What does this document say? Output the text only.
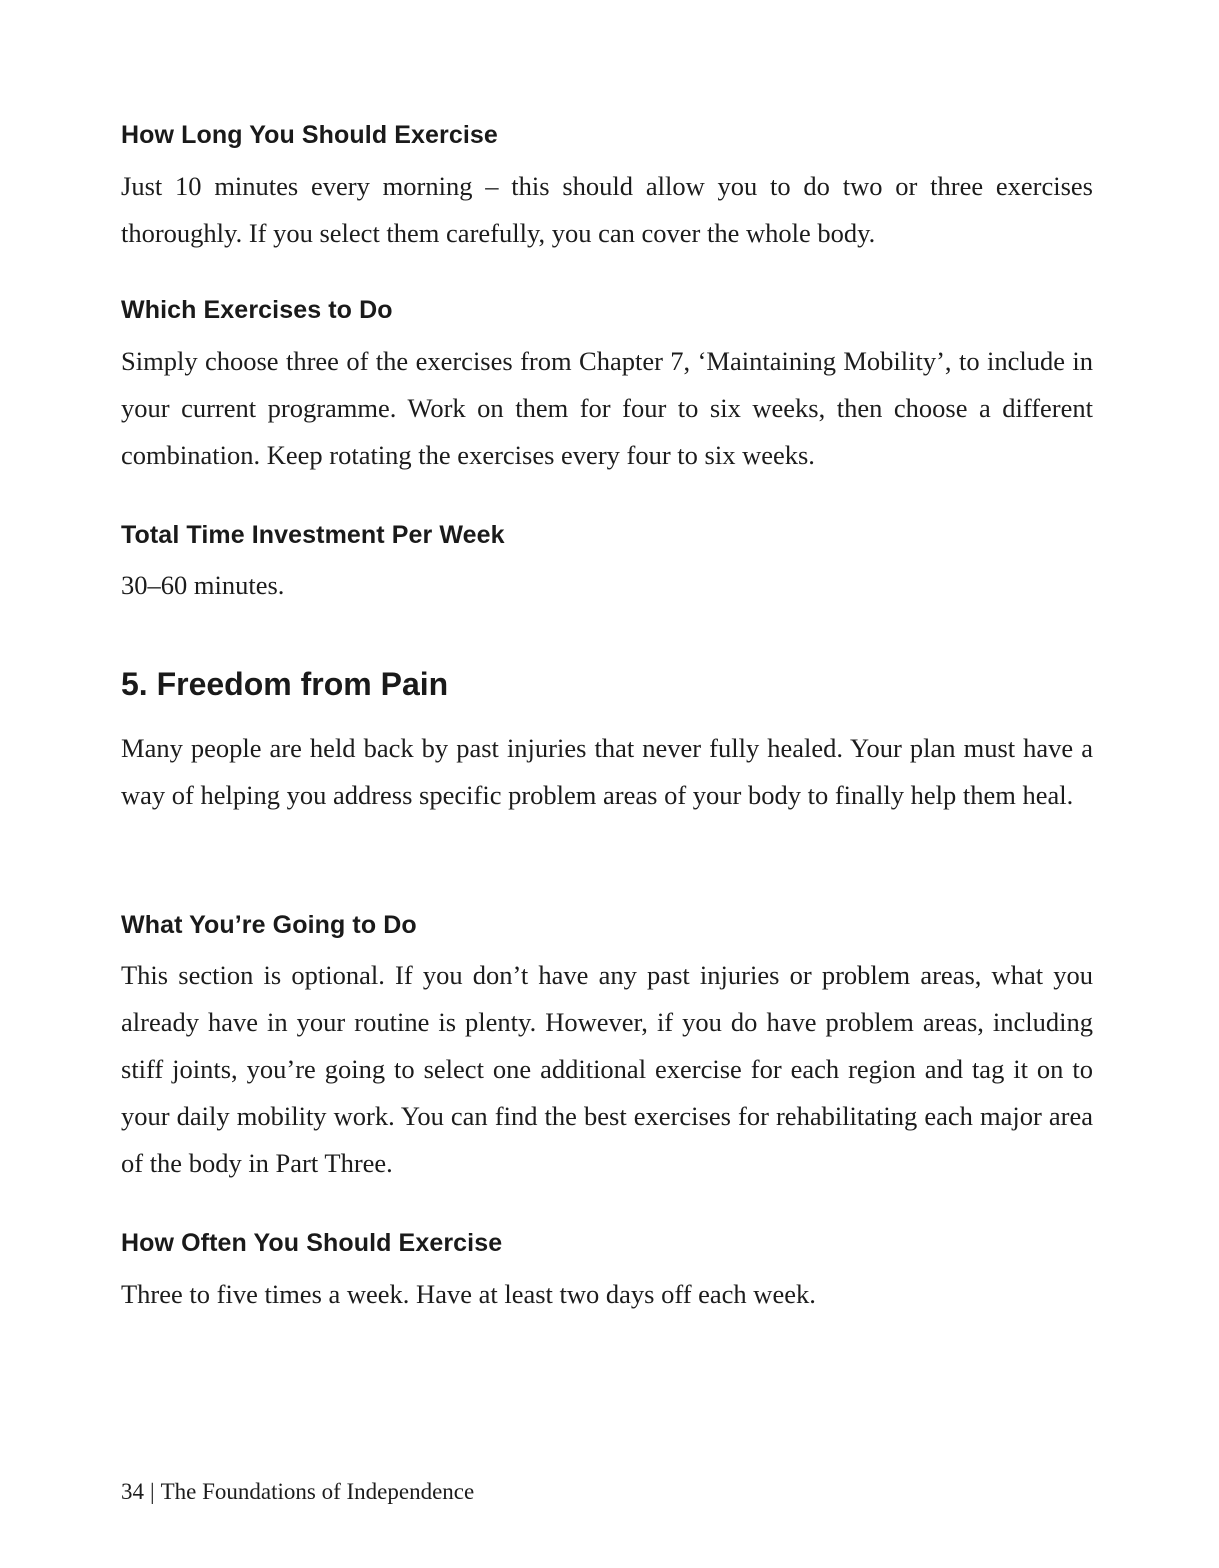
How Long You Should Exercise

Just 10 minutes every morning – this should allow you to do two or three exercises thoroughly. If you select them carefully, you can cover the whole body.

Which Exercises to Do

Simply choose three of the exercises from Chapter 7, ‘Maintaining Mobility’, to include in your current programme. Work on them for four to six weeks, then choose a different combination. Keep rotating the exercises every four to six weeks.

Total Time Investment Per Week

30–60 minutes.

5. Freedom from Pain

Many people are held back by past injuries that never fully healed. Your plan must have a way of helping you address specific problem areas of your body to finally help them heal.

What You’re Going to Do

This section is optional. If you don’t have any past injuries or problem areas, what you already have in your routine is plenty. However, if you do have problem areas, including stiff joints, you’re going to select one additional exercise for each region and tag it on to your daily mobility work. You can find the best exercises for rehabilitating each major area of the body in Part Three.

How Often You Should Exercise

Three to five times a week. Have at least two days off each week.

34 | The Foundations of Independence
